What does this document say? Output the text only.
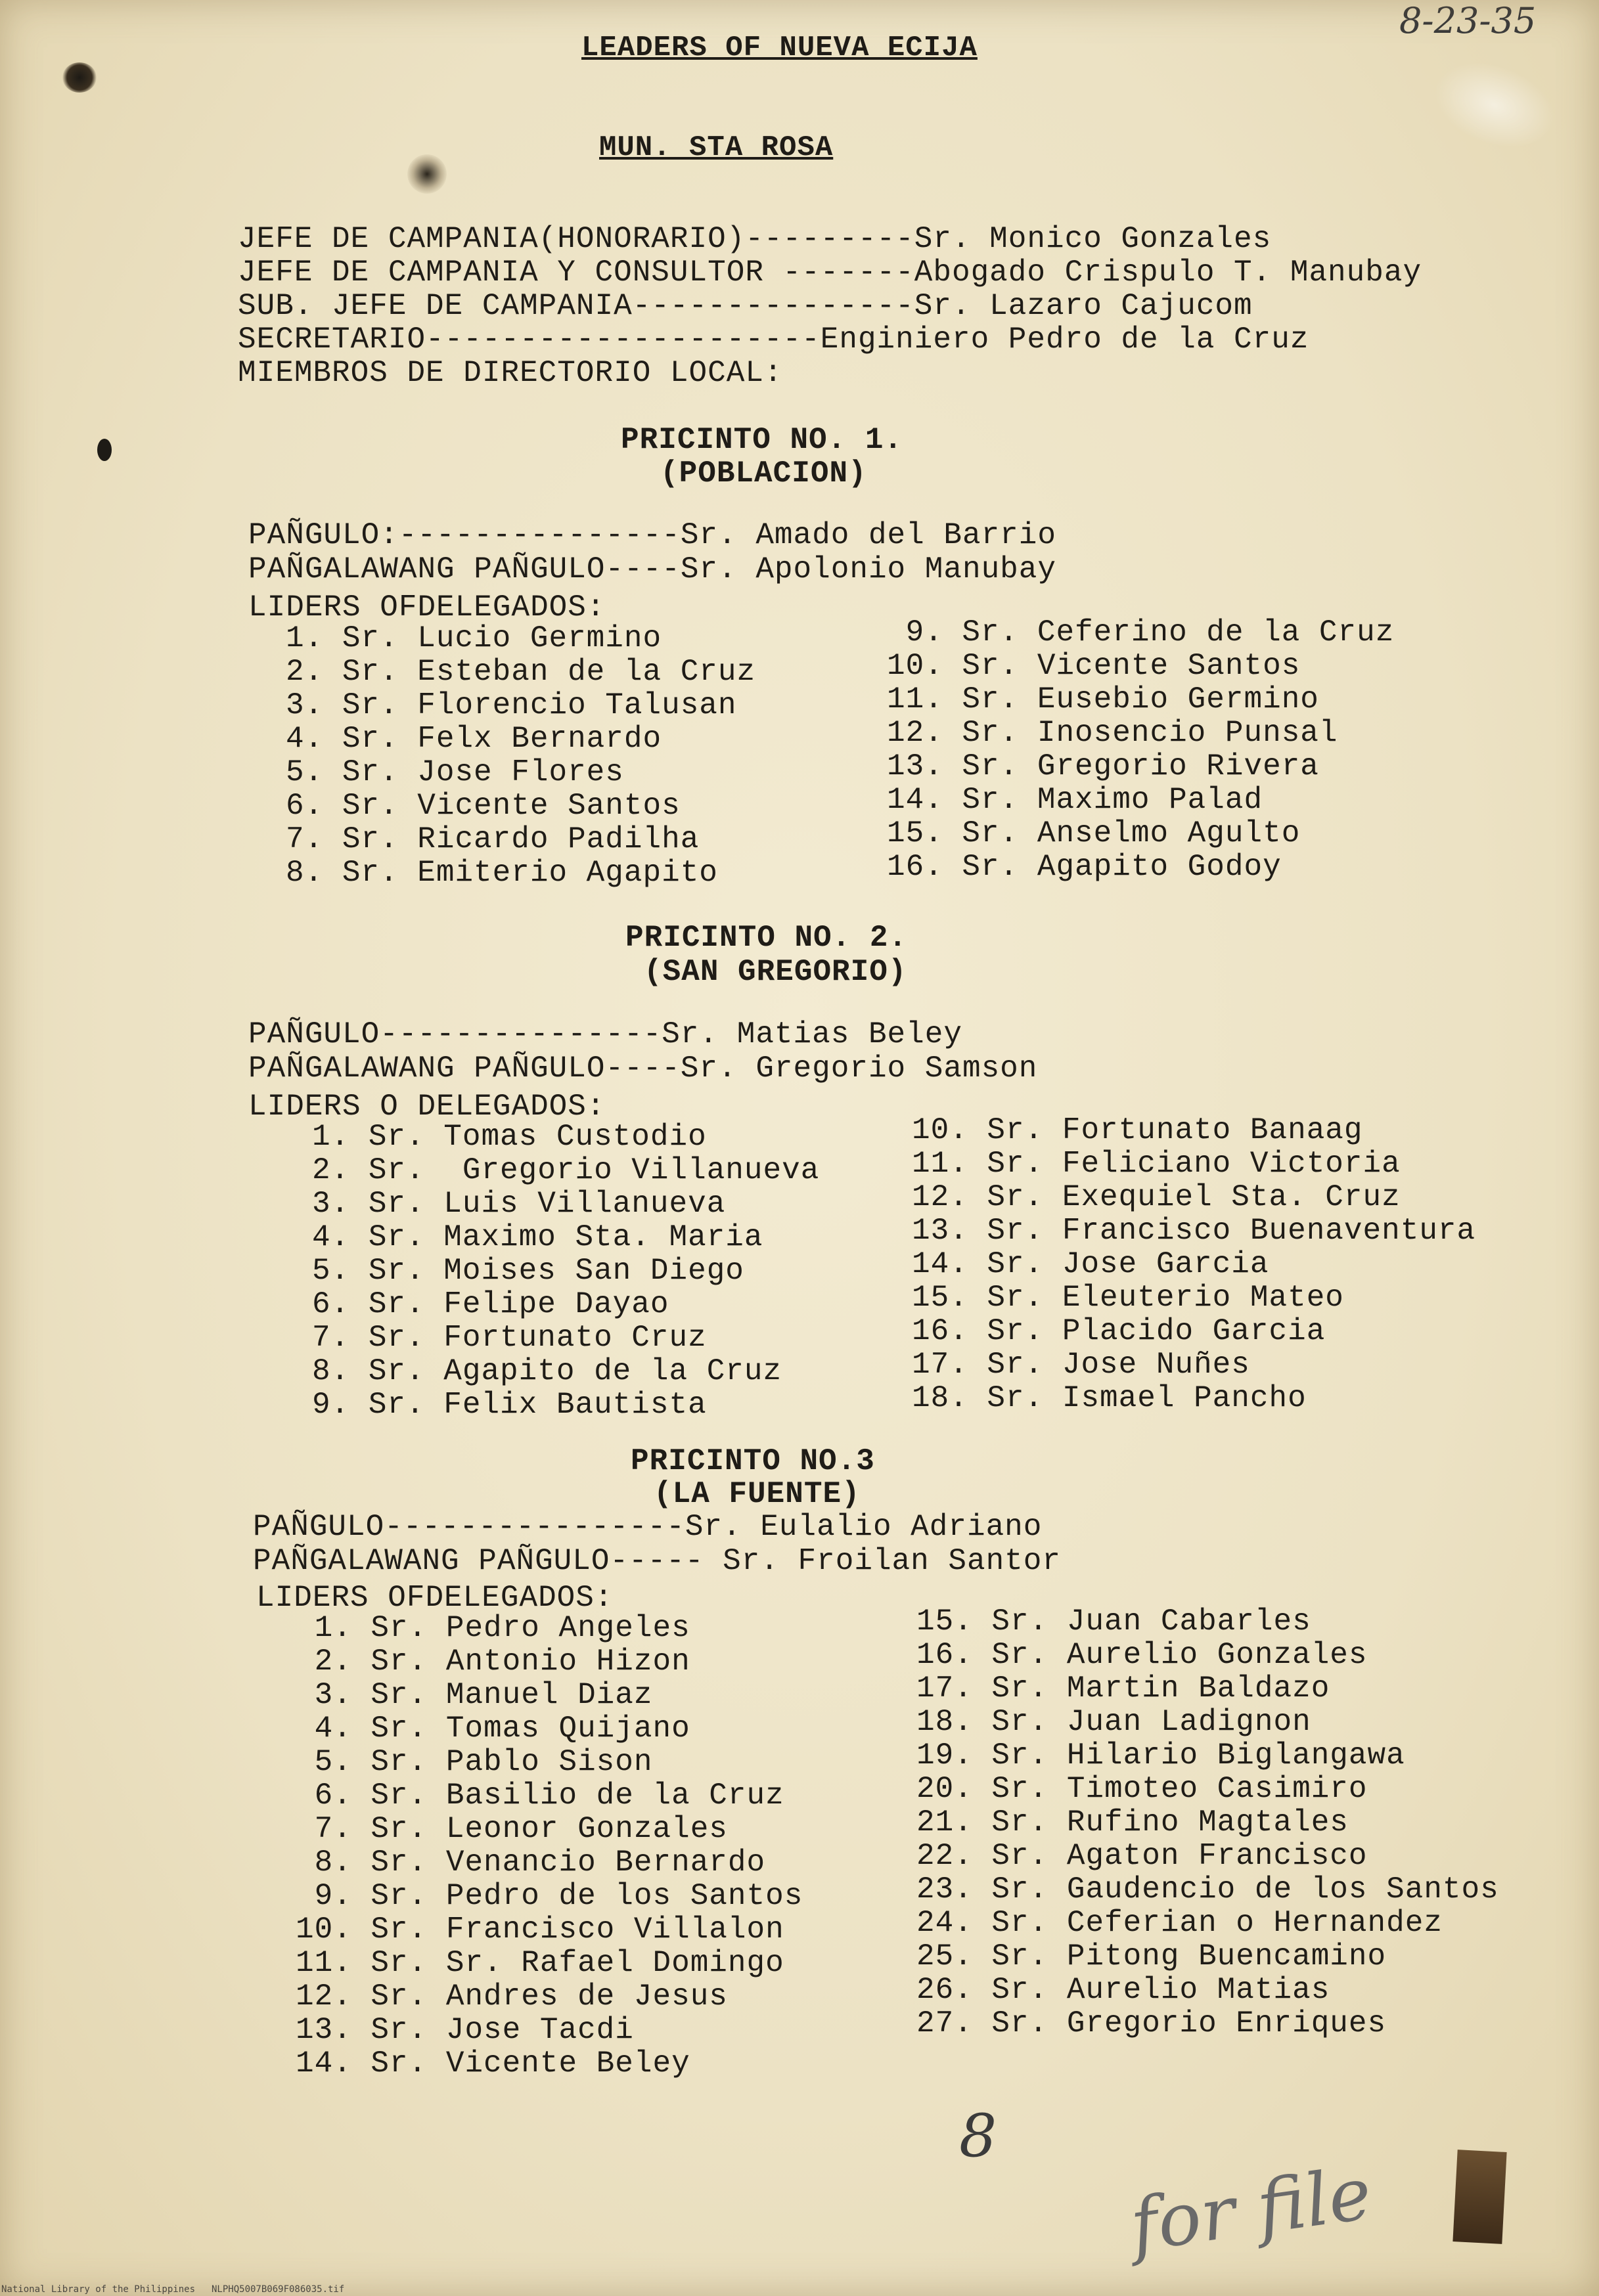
LEADERS OF NUEVA ECIJA
MUN. STA ROSA
8-23-35
JEFE DE CAMPANIA(HONORARIO)---------Sr. Monico Gonzales
JEFE DE CAMPANIA Y CONSULTOR -------Abogado Crispulo T. Manubay
SUB. JEFE DE CAMPANIA---------------Sr. Lazaro Cajucom
SECRETARIO---------------------Enginiero Pedro de la Cruz
MIEMBROS DE DIRECTORIO LOCAL:
PRICINTO NO. 1.
(POBLACION)
PAÑGULO:---------------Sr. Amado del Barrio
PAÑGALAWANG PAÑGULO----Sr. Apolonio Manubay
LIDERS OFDELEGADOS:
1. Sr. Lucio Germino
2. Sr. Esteban de la Cruz
3. Sr. Florencio Talusan
4. Sr. Felx Bernardo
5. Sr. Jose Flores
6. Sr. Vicente Santos
7. Sr. Ricardo Padilha
8. Sr. Emiterio Agapito
9. Sr. Ceferino de la Cruz
10. Sr. Vicente Santos
11. Sr. Eusebio Germino
12. Sr. Inosencio Punsal
13. Sr. Gregorio Rivera
14. Sr. Maximo Palad
15. Sr. Anselmo Agulto
16. Sr. Agapito Godoy
PRICINTO NO. 2.
(SAN GREGORIO)
PAÑGULO---------------Sr. Matias Beley
PAÑGALAWANG PAÑGULO----Sr. Gregorio Samson
LIDERS O DELEGADOS:
1. Sr. Tomas Custodio
2. Sr.  Gregorio Villanueva
3. Sr. Luis Villanueva
4. Sr. Maximo Sta. Maria
5. Sr. Moises San Diego
6. Sr. Felipe Dayao
7. Sr. Fortunato Cruz
8. Sr. Agapito de la Cruz
9. Sr. Felix Bautista
10. Sr. Fortunato Banaag
11. Sr. Feliciano Victoria
12. Sr. Exequiel Sta. Cruz
13. Sr. Francisco Buenaventura
14. Sr. Jose Garcia
15. Sr. Eleuterio Mateo
16. Sr. Placido Garcia
17. Sr. Jose Nuñes
18. Sr. Ismael Pancho
PRICINTO NO.3
(LA FUENTE)
PAÑGULO----------------Sr. Eulalio Adriano
PAÑGALAWANG PAÑGULO----- Sr. Froilan Santor
LIDERS OFDELEGADOS:
1. Sr. Pedro Angeles
2. Sr. Antonio Hizon
3. Sr. Manuel Diaz
4. Sr. Tomas Quijano
5. Sr. Pablo Sison
6. Sr. Basilio de la Cruz
7. Sr. Leonor Gonzales
8. Sr. Venancio Bernardo
9. Sr. Pedro de los Santos
10. Sr. Francisco Villalon
11. Sr. Sr. Rafael Domingo
12. Sr. Andres de Jesus
13. Sr. Jose Tacdi
14. Sr. Vicente Beley
15. Sr. Juan Cabarles
16. Sr. Aurelio Gonzales
17. Sr. Martin Baldazo
18. Sr. Juan Ladignon
19. Sr. Hilario Biglangawa
20. Sr. Timoteo Casimiro
21. Sr. Rufino Magtales
22. Sr. Agaton Francisco
23. Sr. Gaudencio de los Santos
24. Sr. Ceferian o Hernandez
25. Sr. Pitong Buencamino
26. Sr. Aurelio Matias
27. Sr. Gregorio Enriques
8
for file
National Library of the Philippines NLPHQ5007B069F086035.tif
